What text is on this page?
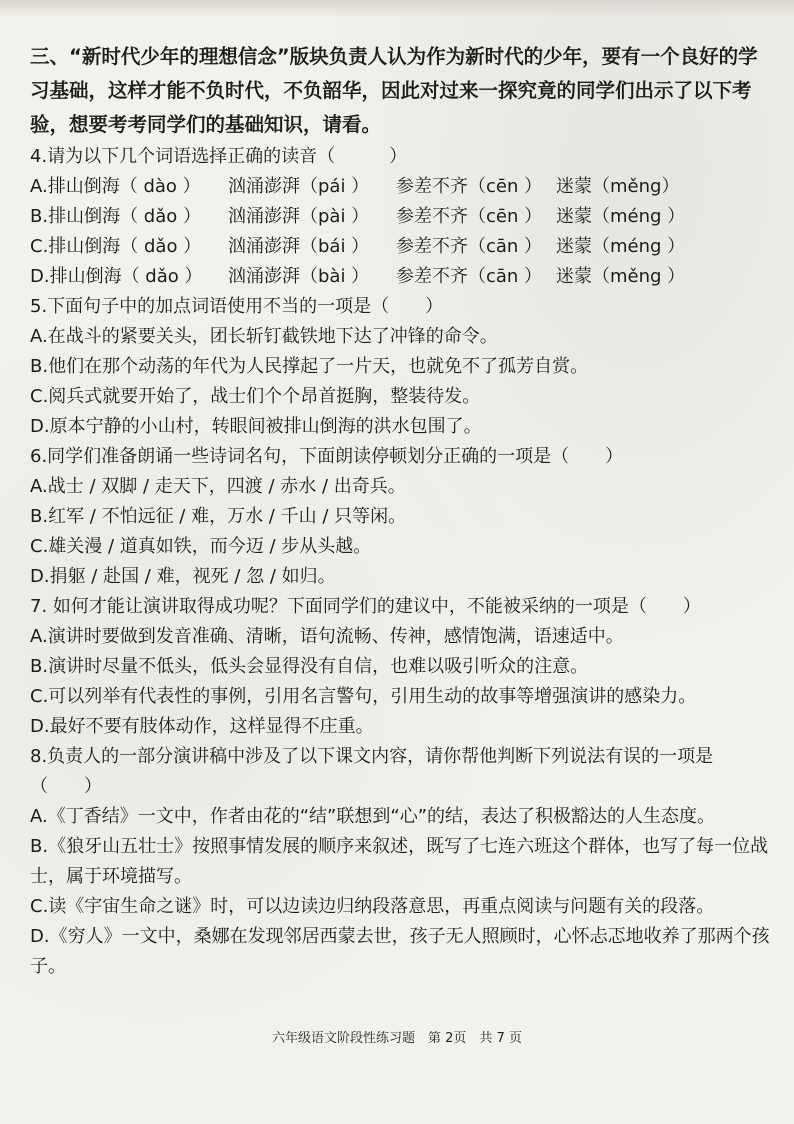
三、“新时代少年的理想信念”版块负责人认为作为新时代的少年，要有一个良好的学习基础，这样才能不负时代，不负韶华，因此对过来一探究竟的同学们出示了以下考验，想要考考同学们的基础知识，请看。

4.请为以下几个词语选择正确的读音（　　　）

A.排山倒海（ dào ）	汹涌澎湃（pái ）	参差不齐（cēn ） 迷蒙（měng）
B.排山倒海（ dǎo ）	汹涌澎湃（pài ）	参差不齐（cēn ） 迷蒙（méng ）
C.排山倒海（ dǎo ）	汹涌澎湃（bái ）	参差不齐（cān ） 迷蒙（méng ）
D.排山倒海（ dǎo ）	汹涌澎湃（bài ）	参差不齐（cān ） 迷蒙（měng ）

5.下面句子中的加点词语使用不当的一项是（　　）

A.在战斗的紧要关头，团长斩钉截铁地下达了冲锋的命令。

B.他们在那个动荡的年代为人民撑起了一片天，也就免不了孤芳自赏。

C.阅兵式就要开始了，战士们个个昂首挺胸，整装待发。

D.原本宁静的小山村，转眼间被排山倒海的洪水包围了。

6.同学们准备朗诵一些诗词名句，下面朗读停顿划分正确的一项是（　　）

A.战士 / 双脚 / 走天下，四渡 / 赤水 / 出奇兵。

B.红军 / 不怕远征 / 难，万水 / 千山 / 只等闲。

C.雄关漫 / 道真如铁，而今迈 / 步从头越。

D.捐躯 / 赴国 / 难，视死 / 忽 / 如归。

7. 如何才能让演讲取得成功呢？下面同学们的建议中，不能被采纳的一项是（　　）

A.演讲时要做到发音准确、清晰，语句流畅、传神，感情饱满，语速适中。

B.演讲时尽量不低头，低头会显得没有自信，也难以吸引听众的注意。

C.可以列举有代表性的事例，引用名言警句，引用生动的故事等增强演讲的感染力。

D.最好不要有肢体动作，这样显得不庄重。

8.负责人的一部分演讲稿中涉及了以下课文内容，请你帮他判断下列说法有误的一项是（　　）

A.《丁香结》一文中，作者由花的“结”联想到“心”的结，表达了积极豁达的人生态度。

B.《狼牙山五壮士》按照事情发展的顺序来叙述，既写了七连六班这个群体，也写了每一位战士，属于环境描写。

C.读《宇宙生命之谜》时，可以边读边归纳段落意思，再重点阅读与问题有关的段落。

D.《穷人》一文中，桑娜在发现邻居西蒙去世，孩子无人照顾时，心怀忐忑地收养了那两个孩子。

六年级语文阶段性练习题　第 2页　共 7 页
